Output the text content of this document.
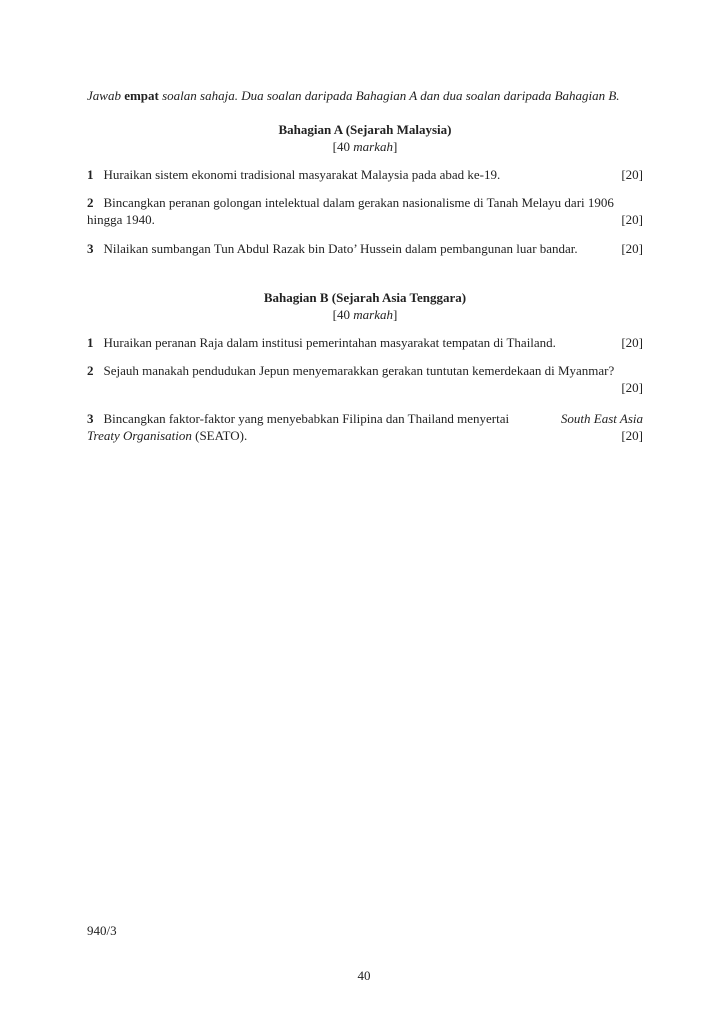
Jawab empat soalan sahaja. Dua soalan daripada Bahagian A dan dua soalan daripada Bahagian B.
Bahagian A (Sejarah Malaysia)
[40 markah]
1 Huraikan sistem ekonomi tradisional masyarakat Malaysia pada abad ke-19.	[20]
2 Bincangkan peranan golongan intelektual dalam gerakan nasionalisme di Tanah Melayu dari 1906
hingga 1940.	[20]
3 Nilaikan sumbangan Tun Abdul Razak bin Dato’ Hussein dalam pembangunan luar bandar.	[20]
Bahagian B (Sejarah Asia Tenggara)
[40 markah]
1 Huraikan peranan Raja dalam institusi pemerintahan masyarakat tempatan di Thailand.	[20]
2 Sejauh manakah pendudukan Jepun menyemarakkan gerakan tuntutan kemerdekaan di Myanmar?
[20]
3 Bincangkan faktor-faktor yang menyebabkan Filipina dan Thailand menyertai	South East Asia
Treaty Organisation (SEATO).	[20]
940/3
40
